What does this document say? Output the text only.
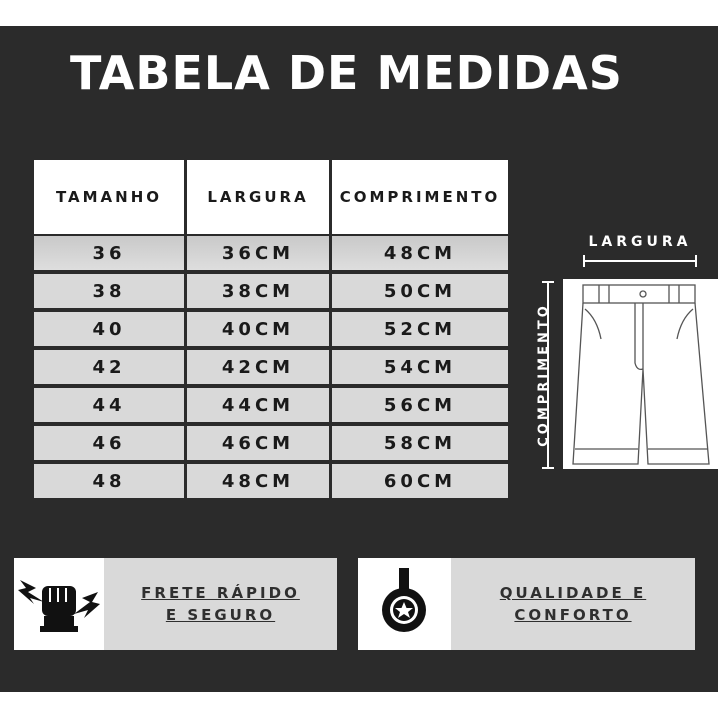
TABELA DE MEDIDAS
TAMANHO	LARGURA	COMPRIMENTO
36	36CM	48CM
38	38CM	50CM
40	40CM	52CM
42	42CM	54CM
44	44CM	56CM
46	46CM	58CM
48	48CM	60CM
LARGURA
COMPRIMENTO
FRETE RÁPIDO
E SEGURO
QUALIDADE E
CONFORTO
